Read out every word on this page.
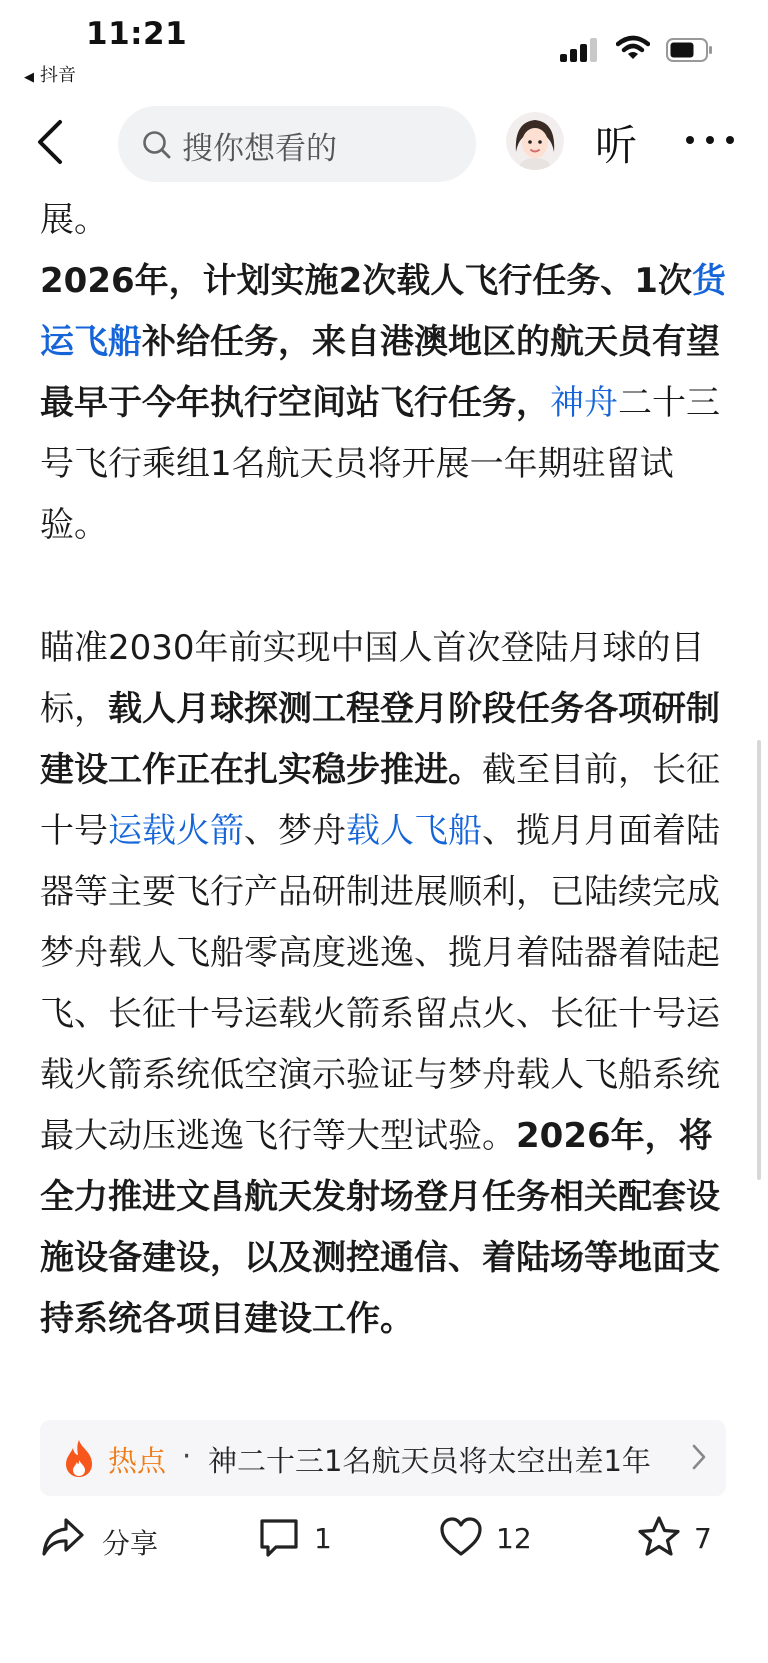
11:21
◀ 抖音
搜你想看的	听

展。

2026年，计划实施2次载人飞行任务、1次货运飞船补给任务，来自港澳地区的航天员有望最早于今年执行空间站飞行任务，神舟二十三号飞行乘组1名航天员将开展一年期驻留试验。

瞄准2030年前实现中国人首次登陆月球的目标，载人月球探测工程登月阶段任务各项研制建设工作正在扎实稳步推进。截至目前，长征十号运载火箭、梦舟载人飞船、揽月月面着陆器等主要飞行产品研制进展顺利，已陆续完成梦舟载人飞船零高度逃逸、揽月着陆器着陆起飞、长征十号运载火箭系留点火、长征十号运载火箭系统低空演示验证与梦舟载人飞船系统最大动压逃逸飞行等大型试验。2026年，将全力推进文昌航天发射场登月任务相关配套设施设备建设，以及测控通信、着陆场等地面支持系统各项目建设工作。

热点 · 神二十三1名航天员将太空出差1年
分享	1	12	7
